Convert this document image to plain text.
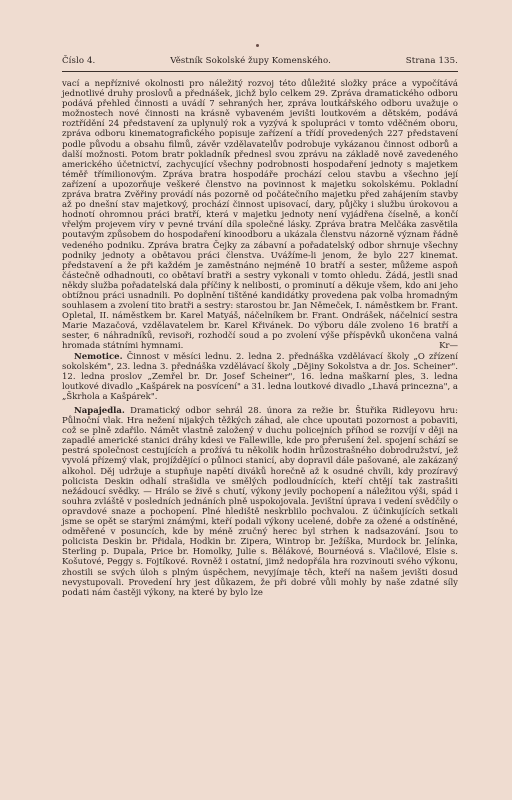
Číslo 4.	Věstník Sokolské župy Komenského.	Strana 135.

vací a nepříznivé okolnosti pro náležitý rozvoj této důležité složky práce a vypočítává jednotlivé druhy proslovů a přednášek, jichž bylo celkem 29. Zpráva dramatického odboru podává přehled činnosti a uvádí 7 sehraných her, zpráva loutkářského odboru uvažuje o možnostech nové činnosti na krásně vybaveném jevišti loutkovém a dětském, podává roztřídění 24 představení za uplynulý rok a vyzývá k spolupráci v tomto vděčném oboru, zpráva odboru kinematografického popisuje zařízení a třídí provedených 227 představení podle původu a obsahu filmů, závěr vzdělavatelův podrobuje vykázanou činnost odborů a další možnosti. Potom bratr pokladník přednesl svou zprávu na základě nově zavedeného amerického účetnictví, zachycující všechny podrobnosti hospodaření jednoty s majetkem téměř třímilionovým. Zpráva bratra hospodáře prochází celou stavbu a všechno její zařízení a upozorňuje veškeré členstvo na povinnost k majetku sokolskému. Pokladní zpráva bratra Zvěřiny provádí nás pozorně od počátečního majetku před zahájením stavby až po dnešní stav majetkový, prochází činnost upisovací, dary, půjčky i službu úrokovou a hodnotí ohromnou práci bratří, která v majetku jednoty není vyjádřena číselně, a končí vřelým projevem víry v pevné trvání díla společné lásky. Zpráva bratra Melčáka zasvětila poutavým způsobem do hospodaření kinoodboru a ukázala členstvu názorně význam řádně vedeného podniku. Zpráva bratra Čejky za zábavní a pořadatelský odbor shrnuje všechny podniky jednoty a obětavou práci členstva. Uvážíme-li jenom, že bylo 227 kinemat. představení a že při každém je zaměstnáno nejméně 10 bratří a sester, můžeme aspoň částečně odhadnouti, co obětaví bratři a sestry vykonali v tomto ohledu. Žádá, jestli snad někdy služba pořadatelská dala příčiny k nelibosti, o prominutí a děkuje všem, kdo ani jeho obtížnou práci usnadnili. Po doplnění tištěné kandidátky provedena pak volba hromadným souhlasem a zvolení tito bratři a sestry: starostou br. Jan Němeček, I. náměstkem br. Frant. Opletal, II. náměstkem br. Karel Matyáš, náčelníkem br. Frant. Ondrášek, náčelnicí sestra Marie Mazačová, vzdělavatelem br. Karel Křivánek. Do výboru dále zvoleno 16 bratří a sester, 6 náhradníků, revisoři, rozhodčí soud a po zvolení výše příspěvků ukončena valná hromada státními hymnami.	Kr—

Nemotice. Činnost v měsíci lednu. 2. ledna 2. přednáška vzdělávací školy „O zřízení sokolském", 23. ledna 3. přednáška vzdělávací školy „Dějiny Sokolstva a dr. Jos. Scheiner". 12. ledna proslov „Zemřel br. Dr. Josef Scheiner", 16. ledna maškarní ples, 3. ledna loutkové divadlo „Kašpárek na posvícení" a 31. ledna loutkové divadlo „Lhavá princezna", a „Škrhola a Kašpárek".

Napajedla. Dramatický odbor sehrál 28. února za režie br. Štuřika Ridleyovu hru: Půlnoční vlak. Hra nežení nijakých těžkých záhad, ale chce upoutati pozornost a pobaviti, což se plně zdařilo. Námět vlastně založený v duchu policejních příhod se rozvíjí v ději na zapadlé americké stanici dráhy kdesi ve Fallewille, kde pro přerušení žel. spojení schází se pestrá společnost cestujících a prožívá tu několik hodin hrůzostrašného dobrodružství, jež vyvolá přízemý vlak, projíždějící o půlnoci stanicí, aby dopravil dále pašované, ale zakázaný alkohol. Děj udržuje a stupňuje napětí diváků horečně až k osudné chvíli, kdy prozíravý policista Deskin odhalí strašidla ve smělých podloudnících, kteří chtějí tak zastrašiti nežádoucí svědky. — Hrálo se živě s chutí, výkony jevily pochopení a náležitou výši, spád i souhra zvláště v posledních jednáních plně uspokojovala. Jevištní úprava i vedení svědčily o opravdové snaze a pochopení. Plné hlediště neskrblilo pochvalou. Z účinkujících setkali jsme se opět se starými známými, kteří podali výkony ucelené, dobře za ožené a odstíněné, odměřené v posuncích, kde by méně zručný herec byl strhen k nadsazování. Jsou to policista Deskin br. Přidala, Hodkin br. Zipera, Wintrop br. Ježíška, Murdock br. Jelínka, Sterling p. Dupala, Price br. Homolky, Julie s. Bělákové, Bournéová s. Vlačilové, Elsie s. Košutové, Peggy s. Fojtíkové. Rovněž i ostatní, jimž nedopřála hra rozvinouti svého výkonu, zhostili se svých úloh s plným úspěchem, nevyjímaje těch, kteří na našem jevišti dosud nevystupovali. Provedení hry jest důkazem, že při dobré vůli mohly by naše zdatné síly podati nám častěji výkony, na které by bylo lze
